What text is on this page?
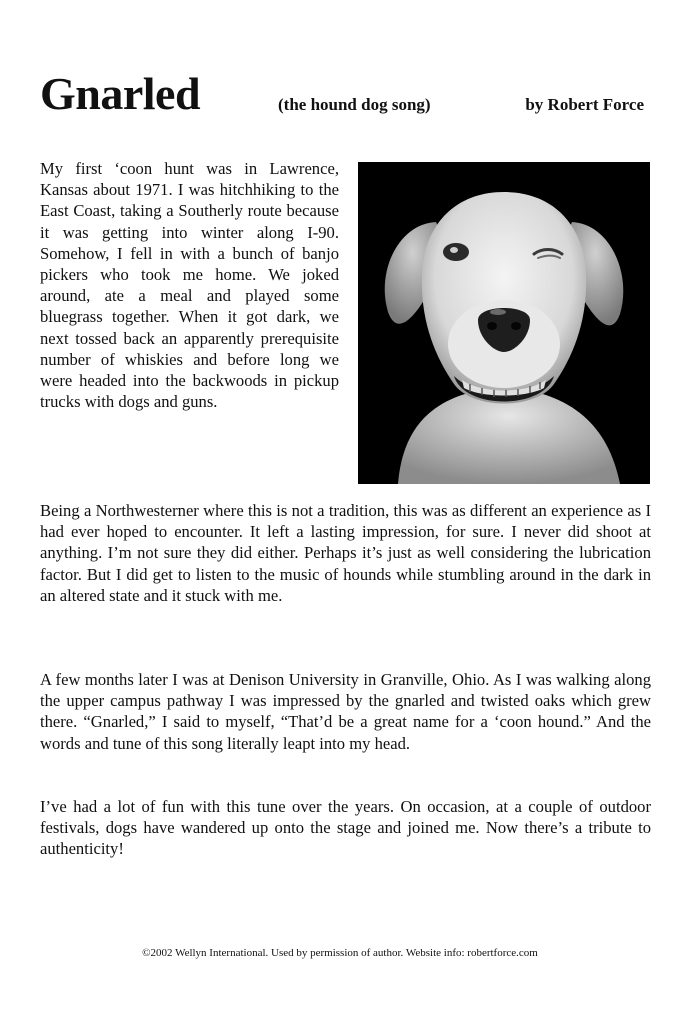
Gnarled	(the hound dog song)	by Robert Force

My first ‘coon hunt was in Lawrence, Kansas about 1971. I was hitchhiking to the East Coast, taking a Southerly route because it was getting into winter along I-90. Somehow, I fell in with a bunch of banjo pickers who took me home. We joked around, ate a meal and played some bluegrass together. When it got dark, we next tossed back an apparently prerequisite number of whiskies and before long we were headed into the backwoods in pickup trucks with dogs and guns.

Being a Northwesterner where this is not a tradition, this was as different an experience as I had ever hoped to encounter. It left a lasting impression, for sure. I never did shoot at anything. I’m not sure they did either. Perhaps it’s just as well considering the lubrication factor. But I did get to listen to the music of hounds while stumbling around in the dark in an altered state and it stuck with me.

A few months later I was at Denison University in Granville, Ohio. As I was walking along the upper campus pathway I was impressed by the gnarled and twisted oaks which grew there. “Gnarled,” I said to myself, “That’d be a great name for a ‘coon hound.” And the words and tune of this song literally leapt into my head.

I’ve had a lot of fun with this tune over the years. On occasion, at a couple of outdoor festivals, dogs have wandered up onto the stage and joined me. Now there’s a tribute to authenticity!

©2002 Wellyn International. Used by permission of author. Website info: robertforce.com
